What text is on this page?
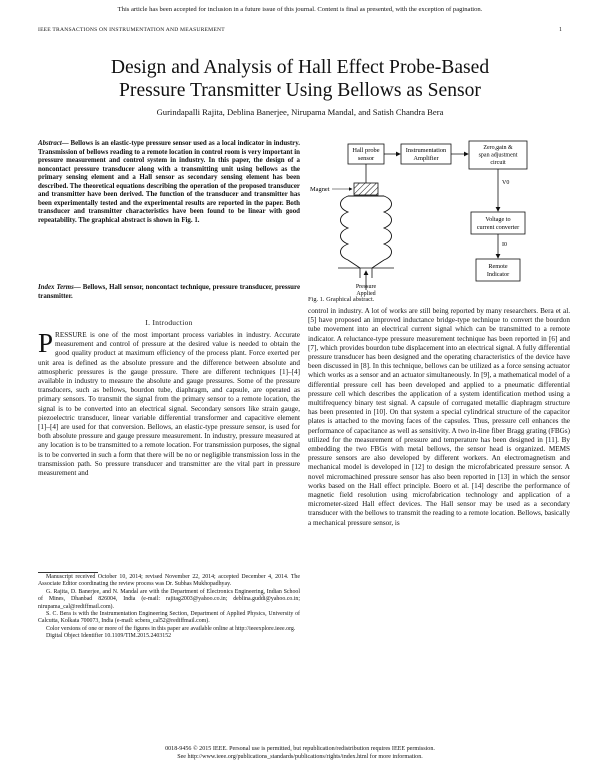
This article has been accepted for inclusion in a future issue of this journal. Content is final as presented, with the exception of pagination.
IEEE TRANSACTIONS ON INSTRUMENTATION AND MEASUREMENT	1
Design and Analysis of Hall Effect Probe-Based
Pressure Transmitter Using Bellows as Sensor
Gurindapalli Rajita, Deblina Banerjee, Nirupama Mandal, and Satish Chandra Bera
Abstract— Bellows is an elastic-type pressure sensor used as a local indicator in industry. Transmission of bellows reading to a remote location in control room is very important in pressure measurement and control system in industry. In this paper, the design of a noncontact pressure transducer along with a transmitting unit using bellows as the primary sensing element and a Hall sensor as secondary sensing element has been described. The theoretical equations describing the operation of the proposed transducer and transmitter have been derived. The function of the transducer and transmitter has been experimentally tested and the experimental results are reported in the paper. Both transducer and transmitter characteristics have been found to be linear with good repeatability. The graphical abstract is shown in Fig. 1.
Index Terms— Bellows, Hall sensor, noncontact technique, pressure transducer, pressure transmitter.
I. Introduction
PRESSURE is one of the most important process variables in industry. Accurate measurement and control of pressure at the desired value is needed to obtain the good quality product at maximum efficiency of the process plant. Force exerted per unit area is defined as the absolute pressure and the difference between absolute and atmospheric pressures is the gauge pressure. There are different techniques [1]–[4] available in industry to measure the absolute and gauge pressures. Some of the pressure transducers, such as bellows, bourdon tube, diaphragm, and capsule, are operated as primary sensors. To transmit the signal from the primary sensor to a remote location, the signal is to be converted into an electrical signal. Secondary sensors like strain gauge, piezoelectric transducer, linear variable differential transformer and capacitive element [1]–[4] are used for that conversion. Bellows, an elastic-type pressure sensor, is used for both absolute pressure and gauge pressure measurement. In industry, pressure measured at any location is to be transmitted to a remote location. For transmission purposes, the signal is to be converted in such a form that there will be no or negligible transmission loss in the transmission path. So pressure transducer and transmitter are the vital part in pressure measurement and

Manuscript received October 10, 2014; revised November 22, 2014; accepted December 4, 2014. The Associate Editor coordinating the review process was Dr. Subhas Mukhopadhyay.

G. Rajita, D. Banerjee, and N. Mandal are with the Department of Electronics Engineering, Indian School of Mines, Dhanbad 826004, India (e-mail: rajitag2003@yahoo.co.in; deblina.guddi@yahoo.co.in; nirupama_cal@rediffmail.com).

S. C. Bera is with the Instrumentation Engineering Section, Department of Applied Physics, University of Calcutta, Kolkata 700073, India (e-mail: scbera_cal52@rediffmail.com).

Color versions of one or more of the figures in this paper are available online at http://ieeexplore.ieee.org.

Digital Object Identifier 10.1109/TIM.2015.2403152

Hall probe
sensor
Instrumentation
Amplifier
Zero,gain &
span adjustment
circuit
V0
Voltage to
current converter
I0
Remote
Indicator
Magnet
Pressure
Applied
Fig. 1. Graphical abstract.
control in industry. A lot of works are still being reported by many researchers. Bera et al. [5] have proposed an improved inductance bridge-type technique to convert the bourdon tube movement into an electrical current signal which can be transmitted to a remote indicator. A reluctance-type pressure measurement technique has been reported in [6] and [7], which provides bourdon tube displacement into an electrical signal. A fully differential pressure transducer has been designed and the operating characteristics of the device have been discussed in [8]. In this technique, bellows can be utilized as a force sensing actuator which works as a sensor and an actuator simultaneously. In [9], a mathematical model of a differential pressure cell has been developed and applied to a pneumatic differential pressure cell which describes the application of a system identification method using a multifrequency binary test signal. A capsule of corrugated metallic diaphragm structure has been presented in [10]. On that system a special cylindrical structure of the capacitor plates is attached to the moving faces of the capsules. Thus, pressure cell enhances the performance of capacitance as well as sensitivity. A two in-line fiber Bragg grating (FBGs) utilized for the measurement of pressure and temperature has been designed in [11]. By embedding the two FBGs with metal bellows, the sensor head is organized. MEMS pressure sensors are also developed by different workers. An electromagnetism and mechanical model is developed in [12] to design the microfabricated pressure sensor. A novel micromachined pressure sensor has also been reported in [13] in which the sensor works based on the Hall effect principle. Boero et al. [14] describe the performance of magnetic field resolution using microfabrication technology and application of a micrometer-sized Hall effect devices. The Hall sensor may be used as a secondary transducer with the bellows to transmit the reading to a remote location. Bellows, basically a mechanical pressure sensor, is
0018-9456 © 2015 IEEE. Personal use is permitted, but republication/redistribution requires IEEE permission.
See http://www.ieee.org/publications_standards/publications/rights/index.html for more information.
